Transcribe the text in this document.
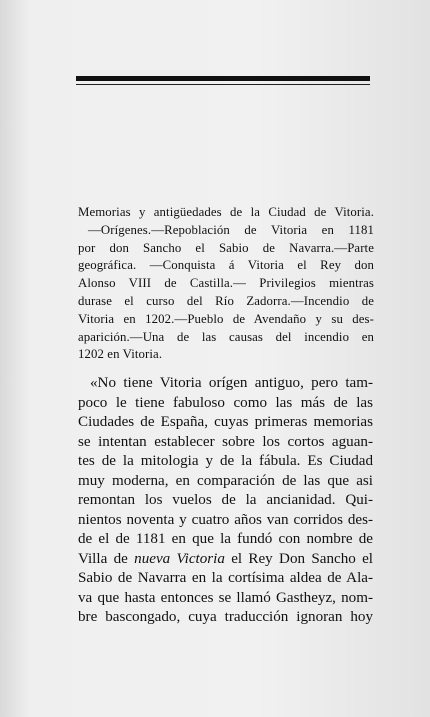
Memorias y antigüedades de la Ciudad de Vitoria.
—Orígenes.—Repoblación de Vitoria en 1181
por don Sancho el Sabio de Navarra.—Parte
geográfica. —Conquista á Vitoria el Rey don
Alonso VIII de Castilla.— Privilegios mientras
durase el curso del Río Zadorra.—Incendio de
Vitoria en 1202.—Pueblo de Avendaño y su des-
aparición.—Una de las causas del incendio en
1202 en Vitoria.
«No tiene Vitoria orígen antiguo, pero tam-
poco le tiene fabuloso como las más de las
Ciudades de España, cuyas primeras memorias
se intentan establecer sobre los cortos aguan-
tes de la mitologia y de la fábula. Es Ciudad
muy moderna, en comparación de las que asi
remontan los vuelos de la ancianidad. Qui-
nientos noventa y cuatro años van corridos des-
de el de 1181 en que la fundó con nombre de
Villa de nueva Victoria el Rey Don Sancho el
Sabio de Navarra en la cortísima aldea de Ala-
va que hasta entonces se llamó Gastheyz, nom-
bre bascongado, cuya traducción ignoran hoy
